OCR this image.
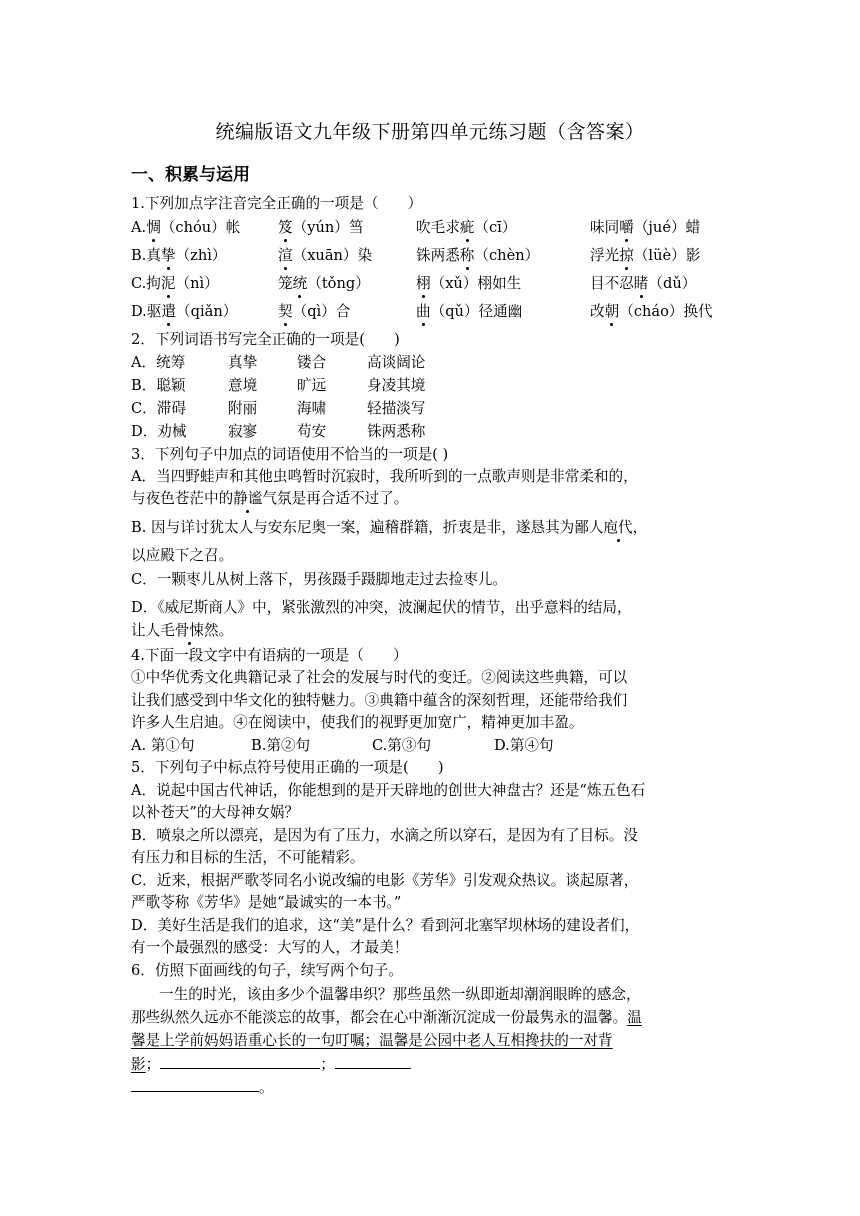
统编版语文九年级下册第四单元练习题（含答案）
一、积累与运用
1.下列加点字注音完全正确的一项是（　　）
A.惆（chóu）帐	笈（yún）筜	吹毛求疵（cī）	味同嚼（jué）蜡
B.真挚（zhì）	渲（xuān）染	铢两悉称（chèn）	浮光掠（lüè）影
C.拘泥（nì）	笼统（tǒng）	栩（xǔ）栩如生	目不忍睹（dǔ）
D.驱遣（qiǎn）	契（qì）合	曲（qǔ）径通幽	改朝（cháo）换代
2．下列词语书写完全正确的一项是(　　)
A．统筹	真挚	镂合	高谈阔论
B．聪颖	意境	旷远	身凌其境
C．滞碍	附丽	海啸	轻描淡写
D．劝械	寂寥	苟安	铢两悉称
3．下列句子中加点的词语使用不恰当的一项是( )
A．当四野蛙声和其他虫鸣暂时沉寂时，我所听到的一点歌声则是非常柔和的，
与夜色苍茫中的静谧气氛是再合适不过了。
B. 因与详讨犹太人与安东尼奥一案，遍稽群籍，折衷是非，遂恳其为鄙人庖代，
以应殿下之召。
C．一颗枣儿从树上落下，男孩蹑手蹑脚地走过去捡枣儿。
D．《威尼斯商人》中，紧张激烈的冲突，波澜起伏的情节，出乎意料的结局，
让人毛骨悚然。
4.下面一段文字中有语病的一项是（　　）
①中华优秀文化典籍记录了社会的发展与时代的变迁。②阅读这些典籍，可以
让我们感受到中华文化的独特魅力。③典籍中蕴含的深刻哲理，还能带给我们
许多人生启迪。④在阅读中，使我们的视野更加宽广，精神更加丰盈。
A. 第①句	B.第②句	C.第③句	D.第④句
5．下列句子中标点符号使用正确的一项是(　　)
A．说起中国古代神话，你能想到的是开天辟地的创世大神盘古？还是“炼五色石
以补苍天”的大母神女娲？
B．喷泉之所以漂亮，是因为有了压力，水滴之所以穿石，是因为有了目标。没
有压力和目标的生活，不可能精彩。
C．近来，根据严歌苓同名小说改编的电影《芳华》引发观众热议。谈起原著，
严歌苓称《芳华》是她“最诚实的一本书。”
D．美好生活是我们的追求，这“美”是什么？看到河北塞罕坝林场的建设者们，
有一个最强烈的感受：大写的人，才最美！
6．仿照下面画线的句子，续写两个句子。
一生的时光，该由多少个温馨串织？那些虽然一纵即逝却潮润眼眸的感念，
那些纵然久远亦不能淡忘的故事，都会在心中渐渐沉淀成一份最隽永的温馨。温
馨是上学前妈妈语重心长的一句叮嘱；温馨是公园中老人互相搀扶的一对背
影；	；
。
